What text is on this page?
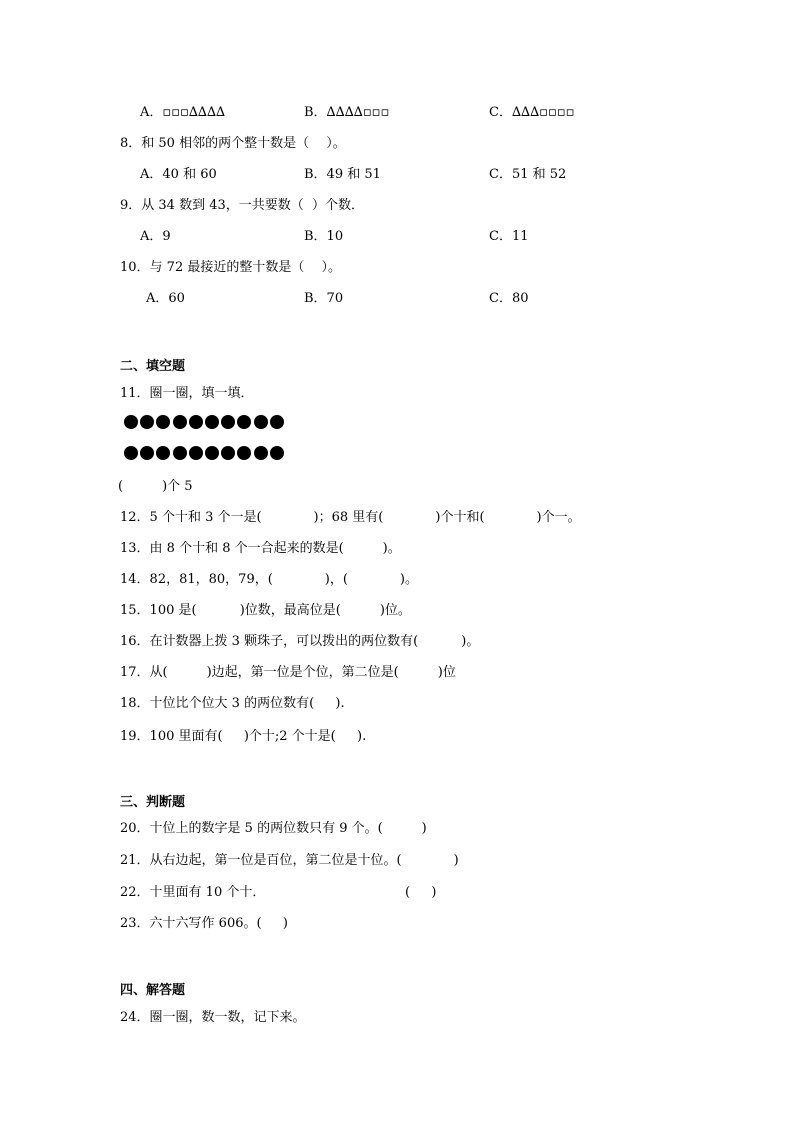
A．▫▫▫∆∆∆∆	B．∆∆∆∆▫▫▫	C．∆∆∆▫▫▫▫
8．和 50 相邻的两个整十数是（　 ）。
A．40 和 60	B．49 和 51	C．51 和 52
9．从 34 数到 43，一共要数（  ）个数．
A．9	B．10	C．11
10．与 72 最接近的整十数是（　 ）。
A．60	B．70	C．80
二、填空题
11．圈一圈，填一填．
(　　　)个 5
12．5 个十和 3 个一是(　　　　)；68 里有(　　　　)个十和(　　　　)个一。
13．由 8 个十和 8 个一合起来的数是(　　　)。
14．82，81，80，79，(　　　　)，(　　　　)。
15．100 是(　　　 )位数，最高位是(　　　)位。
16．在计数器上拨 3 颗珠子，可以拨出的两位数有(　　　 )。
17．从(　　　)边起，第一位是个位，第二位是(　　　)位
18．十位比个位大 3 的两位数有(　  ).
19．100 里面有(　  )个十;2 个十是(　  ).
三、判断题
20．十位上的数字是 5 的两位数只有 9 个。(　　　)
21．从右边起，第一位是百位，第二位是十位。(　　　　)
22．十里面有 10 个十．	(　  )
23．六十六写作 606。(　  )
四、解答题
24．圈一圈，数一数，记下来。
